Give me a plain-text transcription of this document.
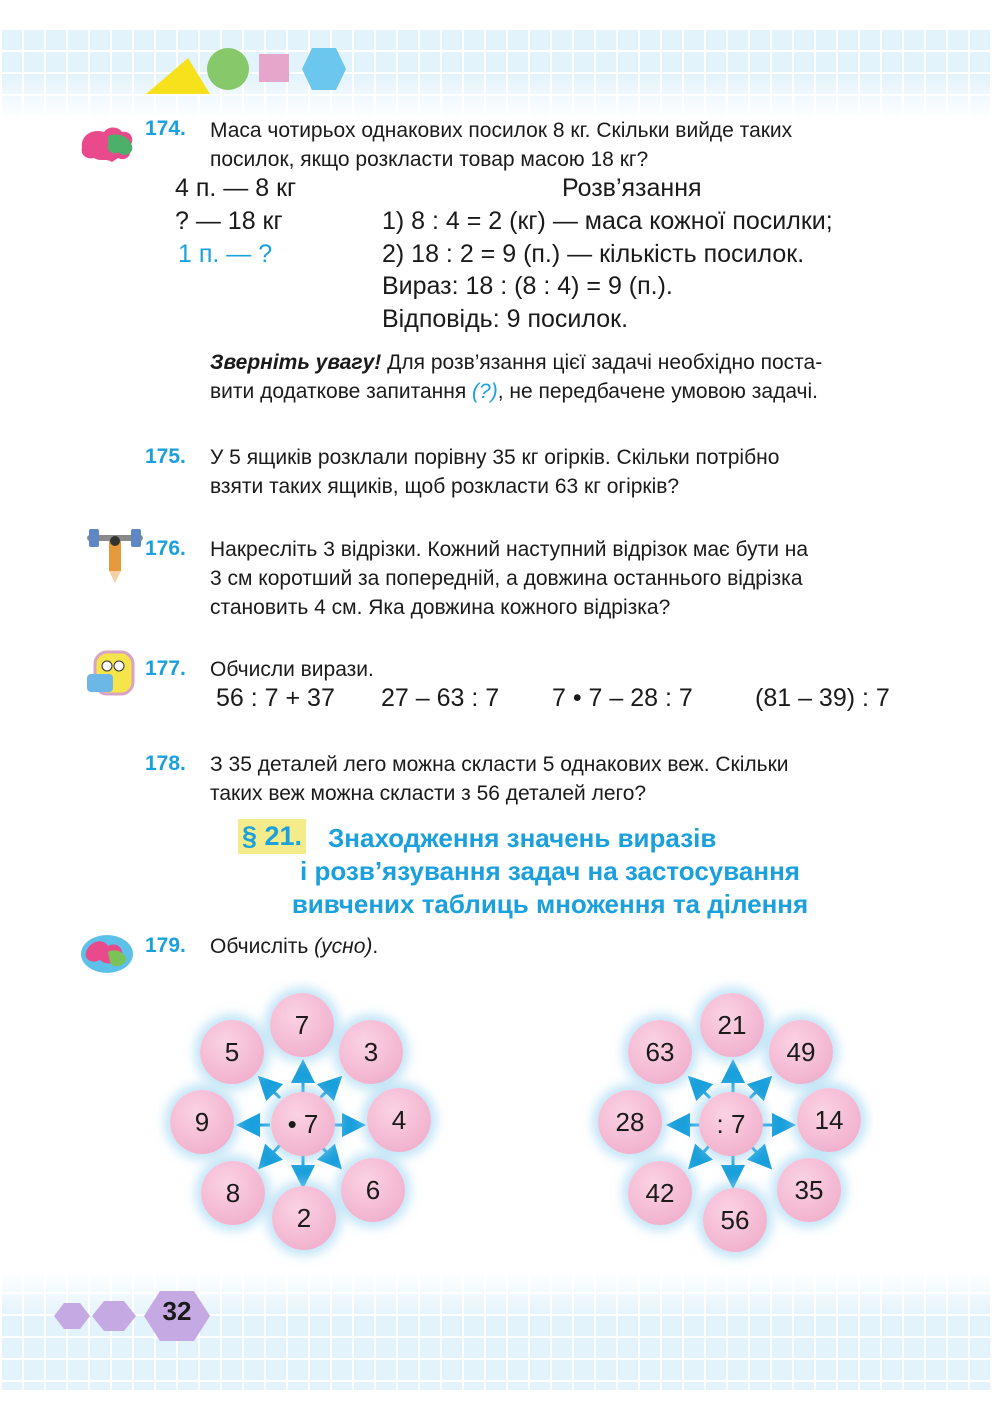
174. Маса чотирьох однакових посилок 8 кг. Скільки вийде таких
посилок, якщо розкласти товар масою 18 кг?
4 п. — 8 кг
? — 18 кг
1 п. — ?
Розв’язання
1) 8 : 4 = 2 (кг) — маса кожної посилки;
2) 18 : 2 = 9 (п.) — кількість посилок.
Вираз: 18 : (8 : 4) = 9 (п.).
Відповідь: 9 посилок.
Зверніть увагу! Для розв’язання цієї задачі необхідно поста-
вити додаткове запитання (?), не передбачене умовою задачі.
175. У 5 ящиків розклали порівну 35 кг огірків. Скільки потрібно
взяти таких ящиків, щоб розкласти 63 кг огірків?
176. Накресліть 3 відрізки. Кожний наступний відрізок має бути на
3 см коротший за попередній, а довжина останнього відрізка
становить 4 см. Яка довжина кожного відрізка?
177. Обчисли вирази.
56 : 7 + 37 27 – 63 : 7 7 • 7 – 28 : 7 (81 – 39) : 7
178. З 35 деталей лего можна скласти 5 однакових веж. Скільки
таких веж можна скласти з 56 деталей лего?
§ 21. Знаходження значень виразів
і розв’язування задач на застосування
вивчених таблиць множення та ділення
179. Обчисліть (усно).
7
3
4
6
2
8
9
5
• 7
21
49
14
35
56
42
28
63
: 7
32
